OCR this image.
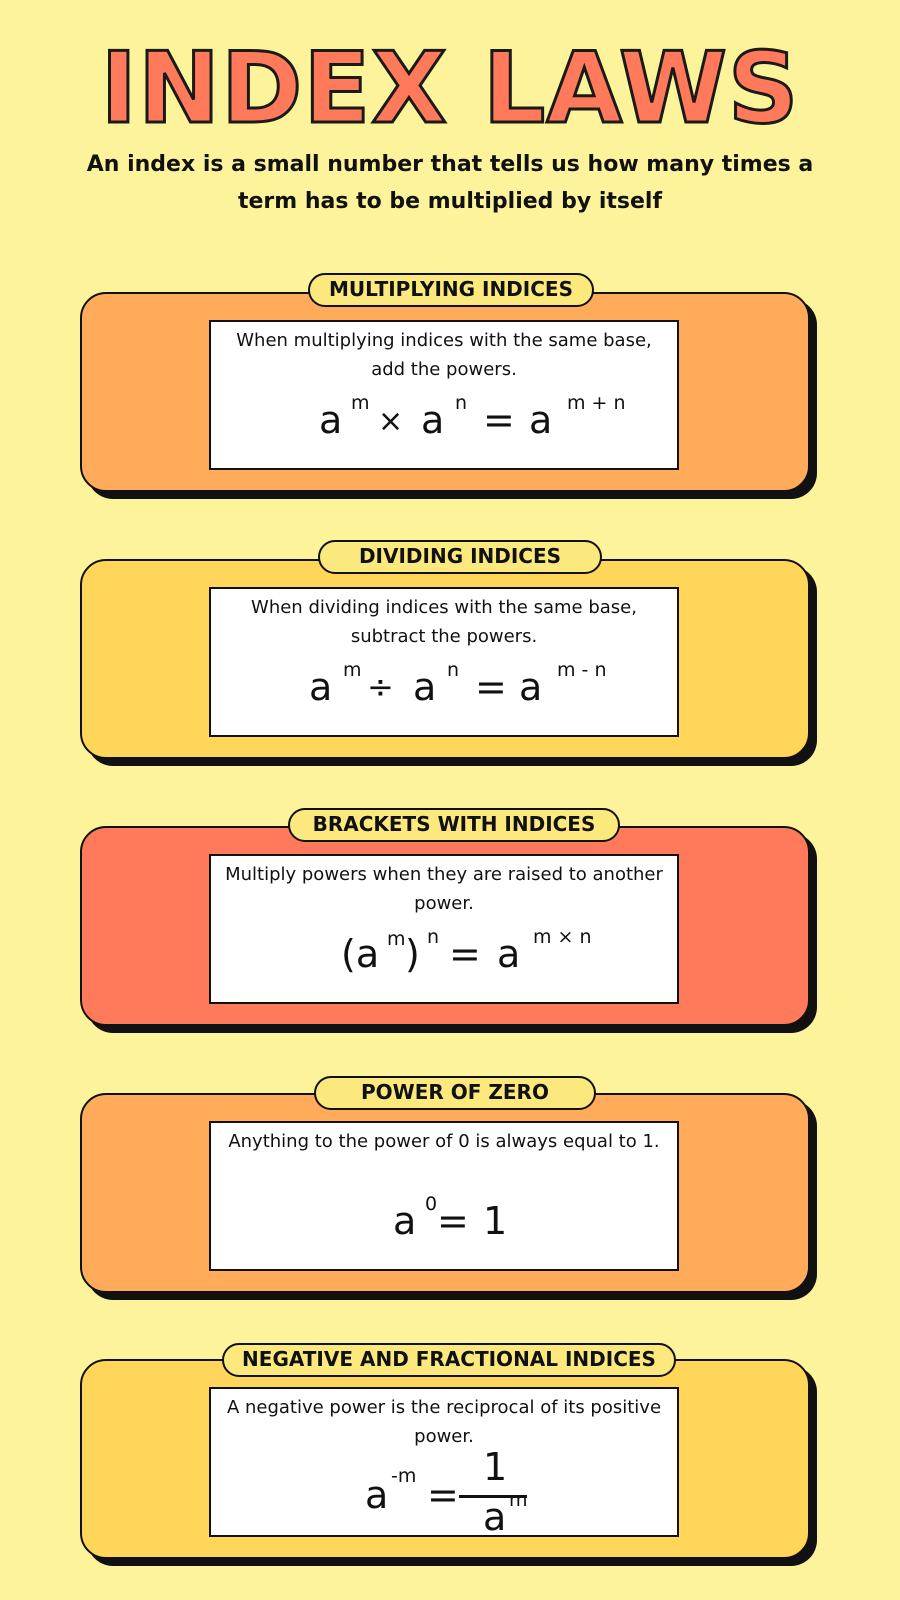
INDEX LAWS

An index is a small number that tells us how many times a term has to be multiplied by itself

When multiplying indices with the same base, add the powers.
a m
× a n = a m + n
MULTIPLYING INDICES
When dividing indices with the same base, subtract the powers.
a m ÷ a n = a m - n
DIVIDING INDICES
Multiply powers when they are raised to another power.
(a m ) n = a m × n
BRACKETS WITH INDICES
Anything to the power of 0 is always equal to 1.
a 0 = 1
POWER OF ZERO
A negative power is the reciprocal of its positive power.
a -m =
1
a m
NEGATIVE AND FRACTIONAL INDICES
